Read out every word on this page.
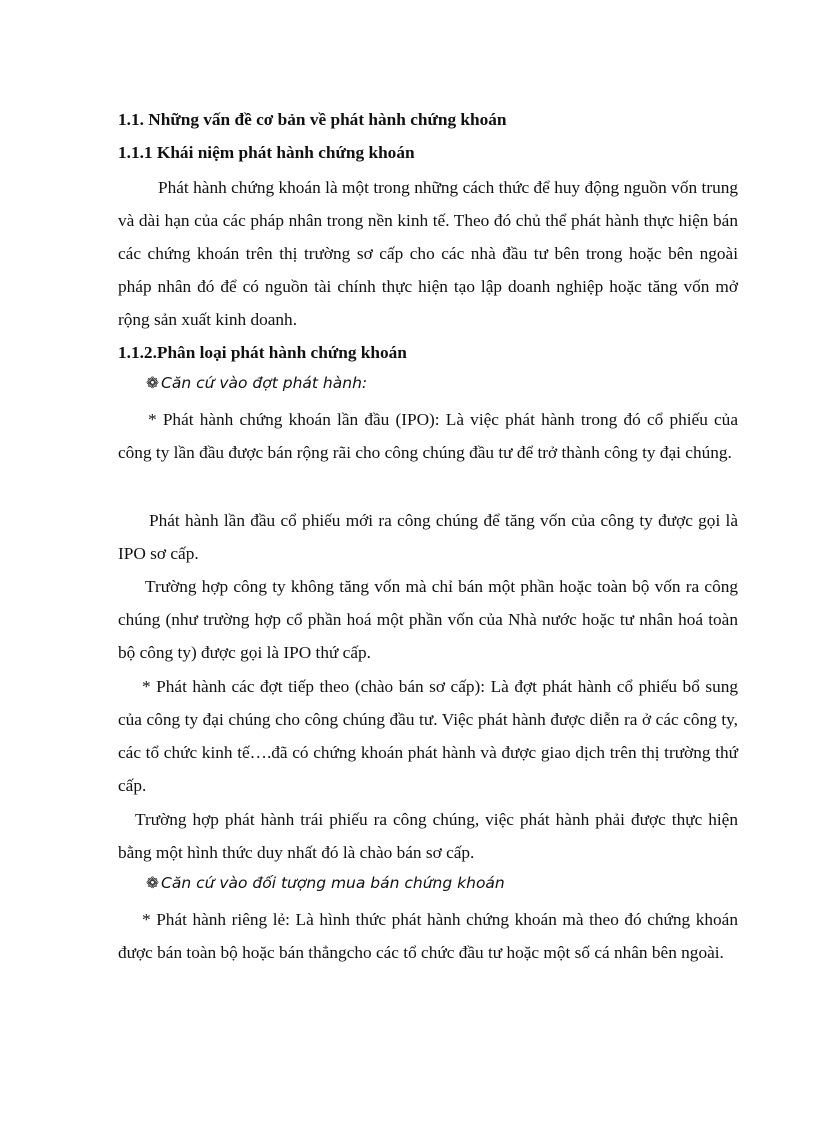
1.1. Những vấn đề cơ bản về phát hành chứng khoán
1.1.1 Khái niệm phát hành chứng khoán
Phát hành chứng khoán là một trong những cách thức để huy động nguồn vốn trung và dài hạn của các pháp nhân trong nền kinh tế. Theo đó chủ thể phát hành thực hiện bán các chứng khoán trên thị trường sơ cấp cho các nhà đầu tư bên trong hoặc bên ngoài pháp nhân đó để có nguồn tài chính thực hiện tạo lập doanh nghiệp hoặc tăng vốn mở rộng sản xuất kinh doanh.
1.1.2.Phân loại phát hành chứng khoán
❁ Căn cứ vào đợt phát hành:
* Phát hành chứng khoán lần đầu (IPO): Là việc phát hành trong đó cổ phiếu của công ty lần đầu được bán rộng rãi cho công chúng đầu tư để trở thành công ty đại chúng.
Phát hành lần đầu cổ phiếu mới ra công chúng để tăng vốn của công ty được gọi là IPO sơ cấp.
Trường hợp công ty không tăng vốn mà chỉ bán một phần hoặc toàn bộ vốn ra công chúng (như trường hợp cổ phần hoá một phần vốn của Nhà nước hoặc tư nhân hoá toàn bộ công ty) được gọi là IPO thứ cấp.
* Phát hành các đợt tiếp theo (chào bán sơ cấp): Là đợt phát hành cổ phiếu bổ sung của công ty đại chúng cho công chúng đầu tư. Việc phát hành được diễn ra ở các công ty, các tổ chức kinh tế….đã có chứng khoán phát hành và được giao dịch trên thị trường thứ cấp.
Trường hợp phát hành trái phiếu ra công chúng, việc phát hành phải được thực hiện bằng một hình thức duy nhất đó là chào bán sơ cấp.
❁ Căn cứ vào đối tượng mua bán chứng khoán
* Phát hành riêng lẻ: Là hình thức phát hành chứng khoán mà theo đó chứng khoán được bán toàn bộ hoặc bán thẳngcho các tổ chức đầu tư hoặc một số cá nhân bên ngoài.
